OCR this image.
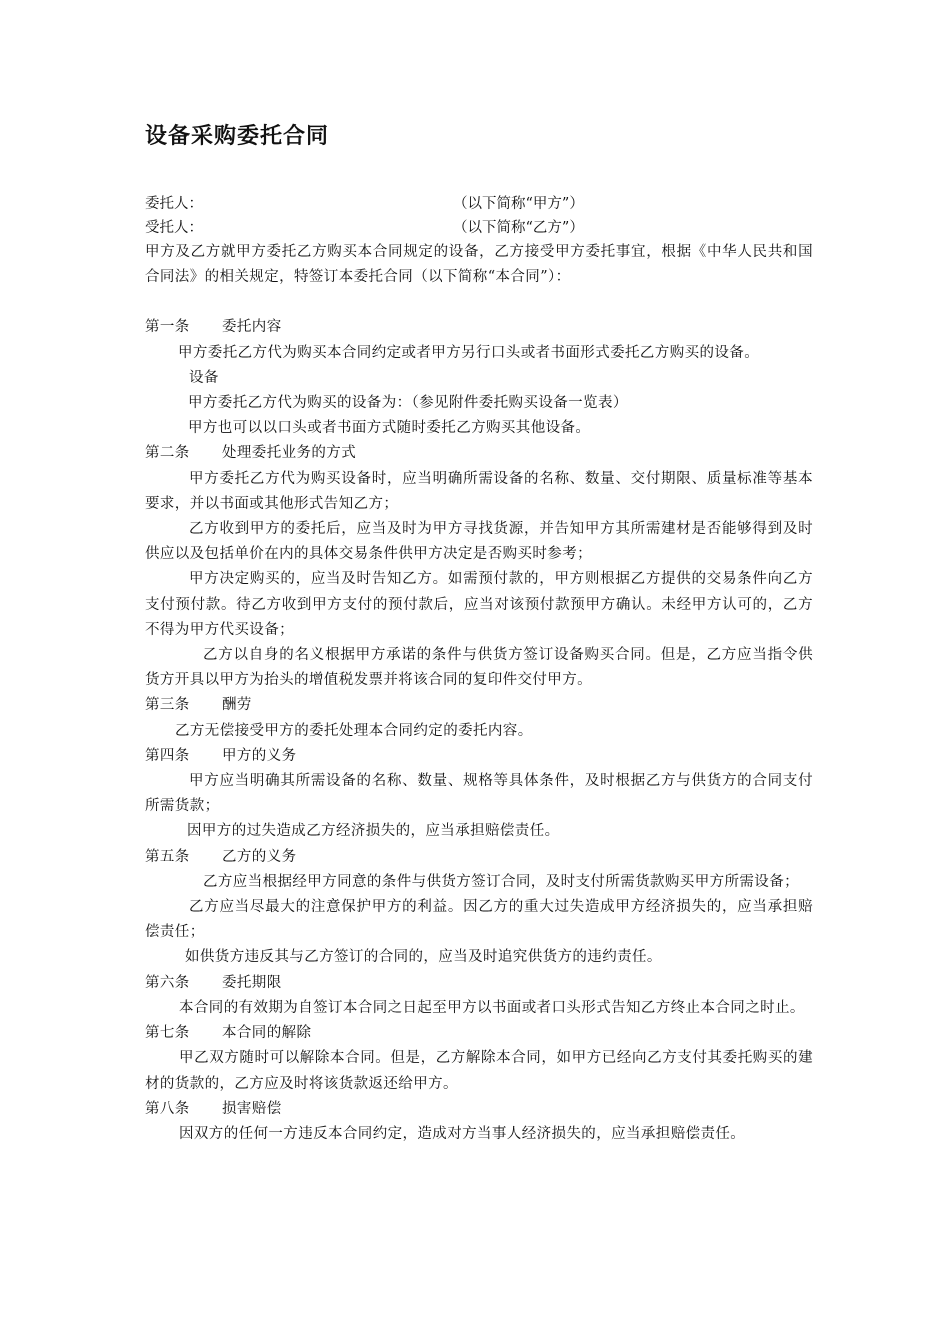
设备采购委托合同
委托人：	（以下简称“甲方”）
受托人：	（以下简称“乙方”）

甲方及乙方就甲方委托乙方购买本合同规定的设备，乙方接受甲方委托事宜，根据《中华人民共和国合同法》的相关规定，特签订本委托合同（以下简称“本合同”）：

第一条 委托内容

甲方委托乙方代为购买本合同约定或者甲方另行口头或者书面形式委托乙方购买的设备。

设备

甲方委托乙方代为购买的设备为：（参见附件委托购买设备一览表）

甲方也可以以口头或者书面方式随时委托乙方购买其他设备。

第二条 处理委托业务的方式

甲方委托乙方代为购买设备时，应当明确所需设备的名称、数量、交付期限、质量标准等基本要求，并以书面或其他形式告知乙方；

乙方收到甲方的委托后，应当及时为甲方寻找货源，并告知甲方其所需建材是否能够得到及时供应以及包括单价在内的具体交易条件供甲方决定是否购买时参考；

甲方决定购买的，应当及时告知乙方。如需预付款的，甲方则根据乙方提供的交易条件向乙方支付预付款。待乙方收到甲方支付的预付款后，应当对该预付款预甲方确认。未经甲方认可的，乙方不得为甲方代买设备；

乙方以自身的名义根据甲方承诺的条件与供货方签订设备购买合同。但是，乙方应当指令供货方开具以甲方为抬头的增值税发票并将该合同的复印件交付甲方。

第三条 酬劳

乙方无偿接受甲方的委托处理本合同约定的委托内容。

第四条 甲方的义务

甲方应当明确其所需设备的名称、数量、规格等具体条件，及时根据乙方与供货方的合同支付所需货款；

因甲方的过失造成乙方经济损失的，应当承担赔偿责任。

第五条 乙方的义务

乙方应当根据经甲方同意的条件与供货方签订合同，及时支付所需货款购买甲方所需设备；

乙方应当尽最大的注意保护甲方的利益。因乙方的重大过失造成甲方经济损失的，应当承担赔偿责任；

如供货方违反其与乙方签订的合同的，应当及时追究供货方的违约责任。

第六条 委托期限

本合同的有效期为自签订本合同之日起至甲方以书面或者口头形式告知乙方终止本合同之时止。

第七条 本合同的解除

甲乙双方随时可以解除本合同。但是，乙方解除本合同，如甲方已经向乙方支付其委托购买的建材的货款的，乙方应及时将该货款返还给甲方。

第八条 损害赔偿

因双方的任何一方违反本合同约定，造成对方当事人经济损失的，应当承担赔偿责任。
